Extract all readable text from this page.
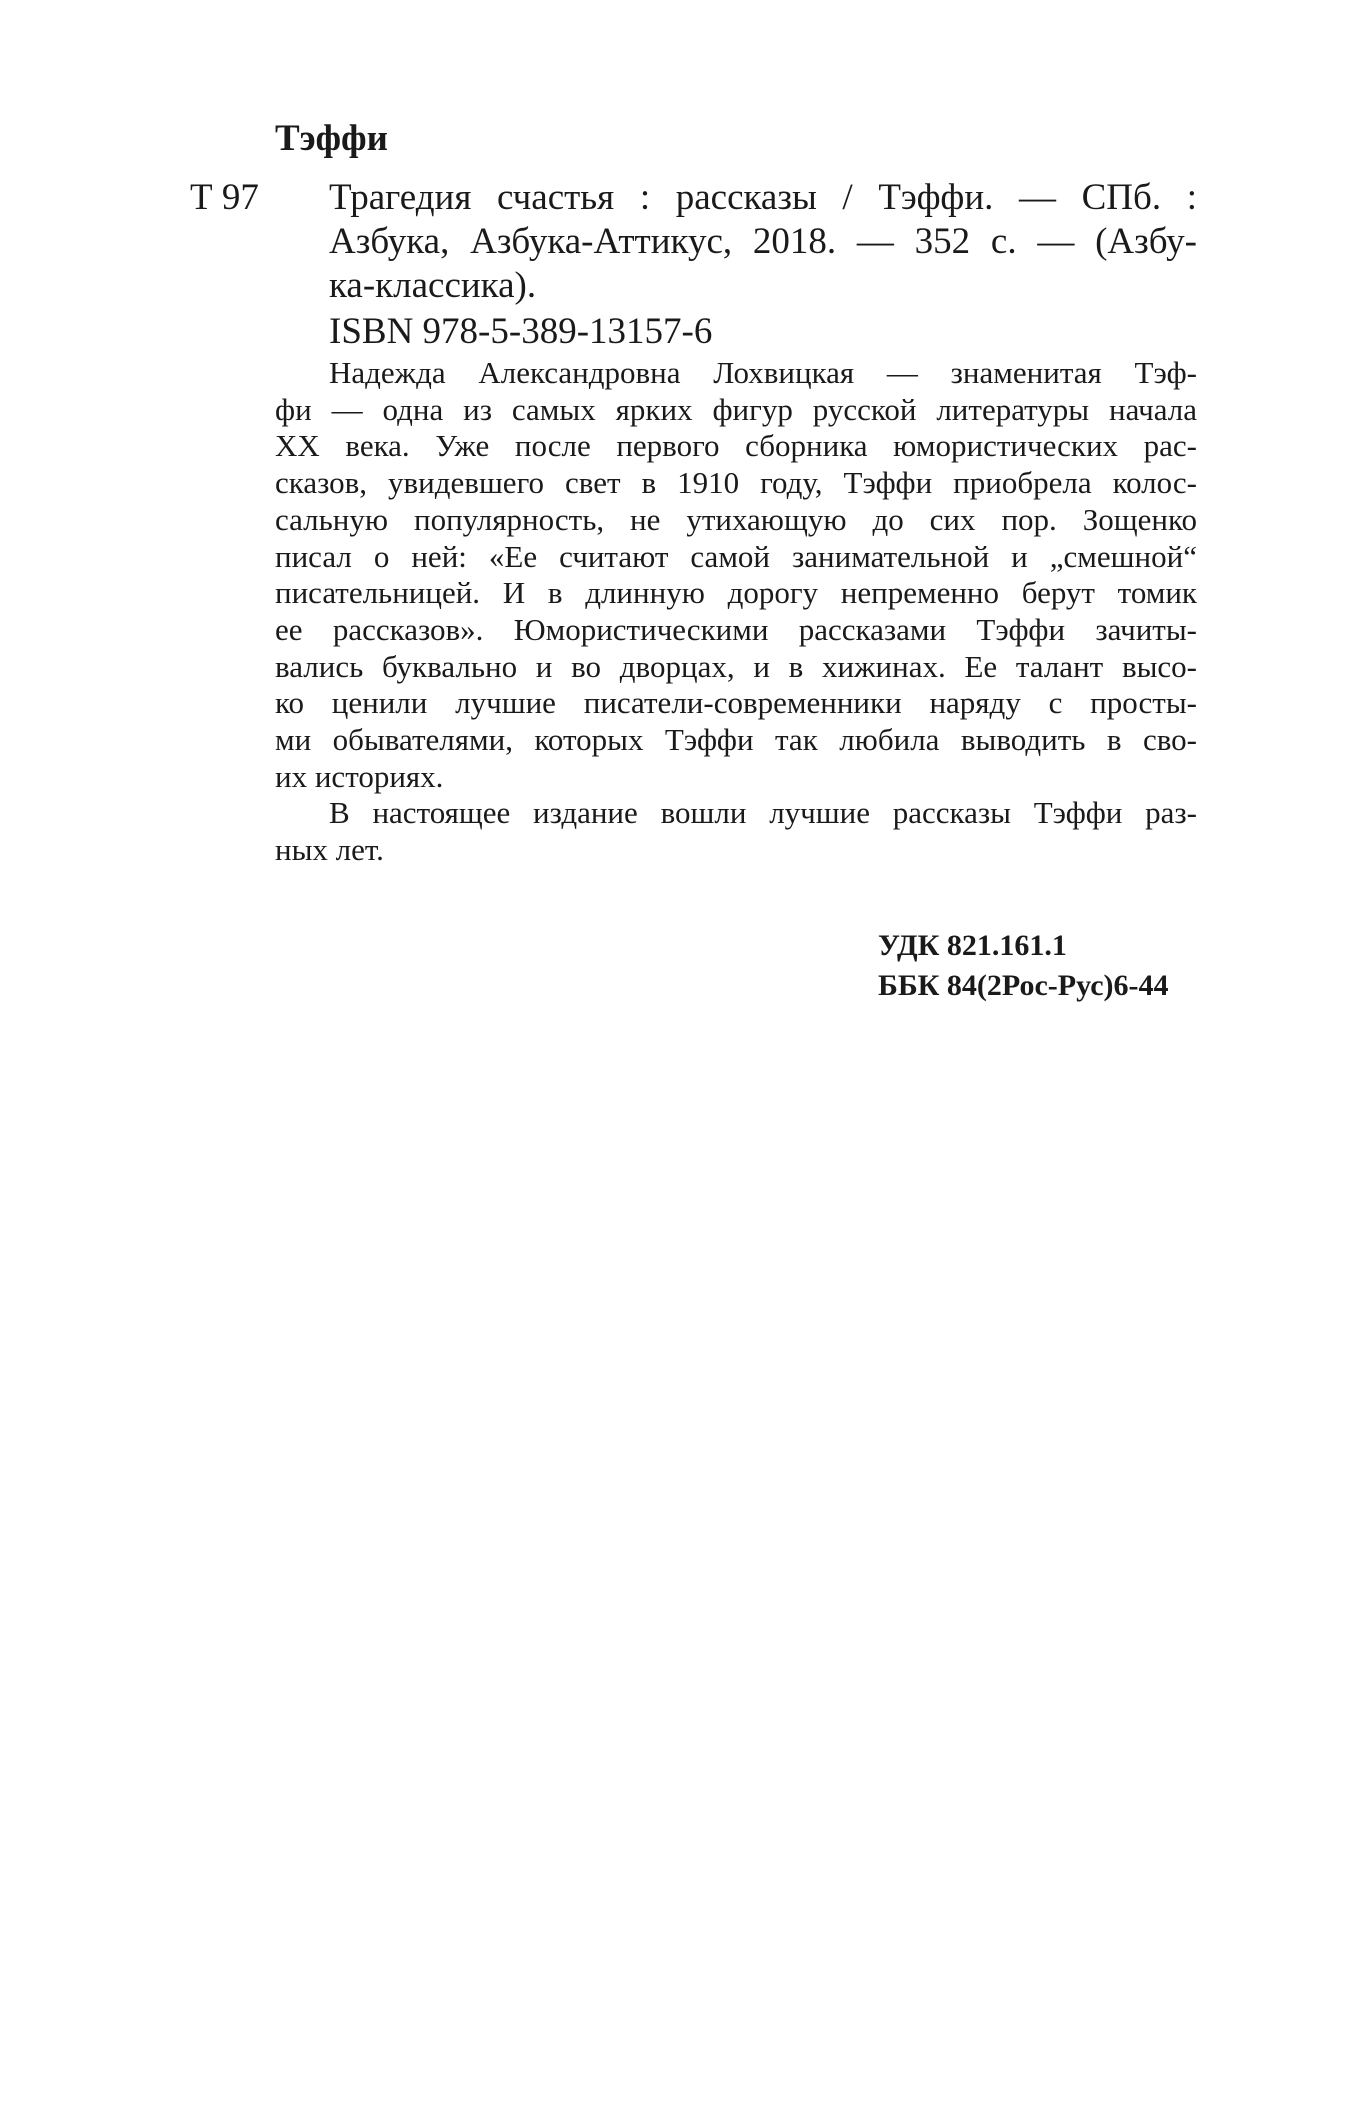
Тэффи
Т 97 Трагедия счастья : рассказы / Тэффи. — СПб. :
Азбука, Азбука-Аттикус, 2018. — 352 с. — (Азбу-
ка-классика).
ISBN 978-5-389-13157-6
Надежда Александровна Лохвицкая — знаменитая Тэф-
фи — одна из самых ярких фигур русской литературы начала
XX века. Уже после первого сборника юмористических рас-
сказов, увидевшего свет в 1910 году, Тэффи приобрела колос-
сальную популярность, не утихающую до сих пор. Зощенко
писал о ней: «Ее считают самой занимательной и „смешной“
писательницей. И в длинную дорогу непременно берут томик
ее рассказов». Юмористическими рассказами Тэффи зачиты-
вались буквально и во дворцах, и в хижинах. Ее талант высо-
ко ценили лучшие писатели-современники наряду с просты-
ми обывателями, которых Тэффи так любила выводить в сво-
их историях.
В настоящее издание вошли лучшие рассказы Тэффи раз-
ных лет.
УДК 821.161.1
ББК 84(2Рос-Рус)6-44
